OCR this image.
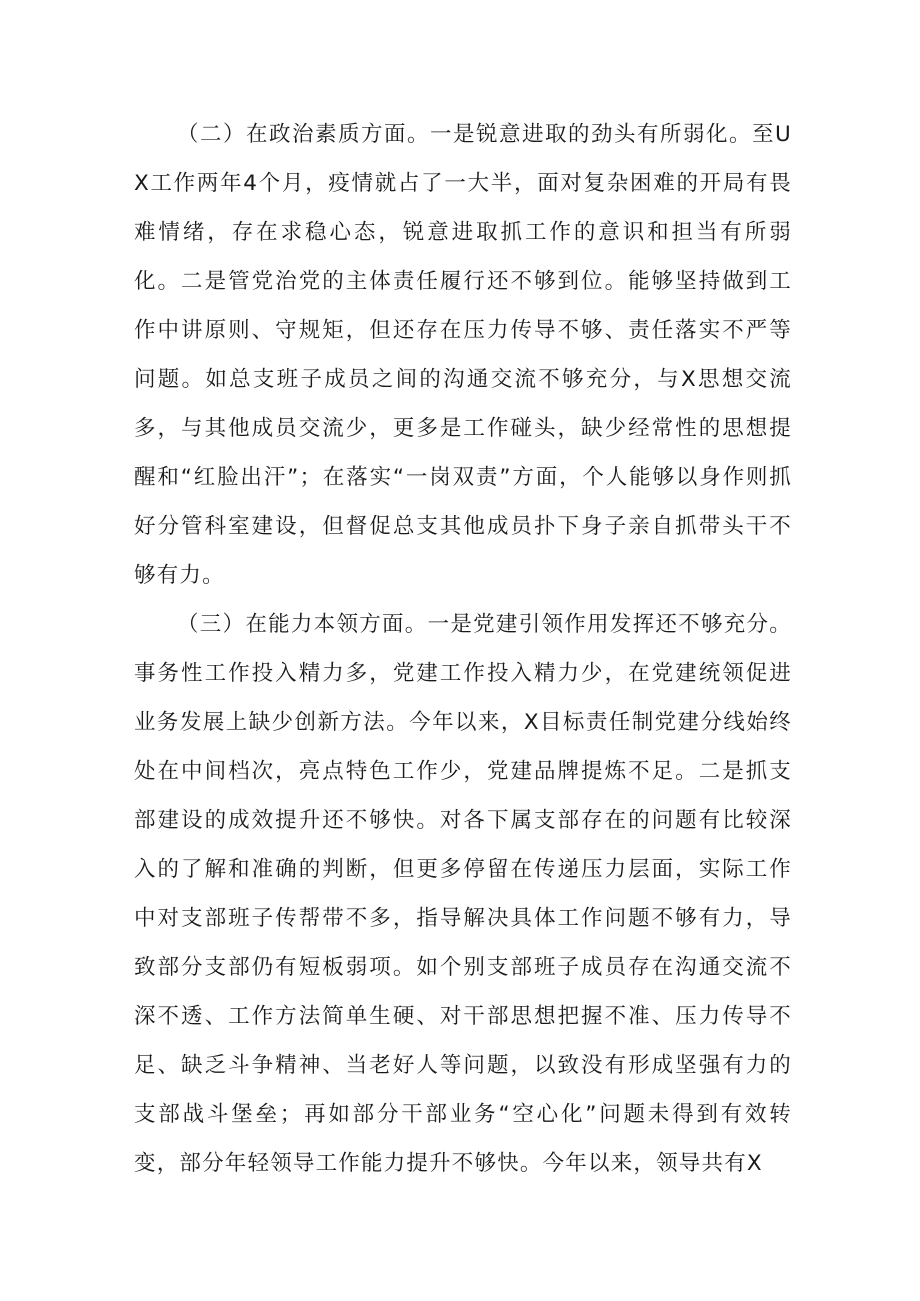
（二）在政治素质方面。一是锐意进取的劲头有所弱化。至UX工作两年4个月，疫情就占了一大半，面对复杂困难的开局有畏难情绪，存在求稳心态，锐意进取抓工作的意识和担当有所弱化。二是管党治党的主体责任履行还不够到位。能够坚持做到工作中讲原则、守规矩，但还存在压力传导不够、责任落实不严等问题。如总支班子成员之间的沟通交流不够充分，与X思想交流多，与其他成员交流少，更多是工作碰头，缺少经常性的思想提醒和“红脸出汗”；在落实“一岗双责”方面，个人能够以身作则抓好分管科室建设，但督促总支其他成员扑下身子亲自抓带头干不够有力。

（三）在能力本领方面。一是党建引领作用发挥还不够充分。事务性工作投入精力多，党建工作投入精力少，在党建统领促进业务发展上缺少创新方法。今年以来，X目标责任制党建分线始终处在中间档次，亮点特色工作少，党建品牌提炼不足。二是抓支部建设的成效提升还不够快。对各下属支部存在的问题有比较深入的了解和准确的判断，但更多停留在传递压力层面，实际工作中对支部班子传帮带不多，指导解决具体工作问题不够有力，导致部分支部仍有短板弱项。如个别支部班子成员存在沟通交流不深不透、工作方法简单生硬、对干部思想把握不准、压力传导不足、缺乏斗争精神、当老好人等问题，以致没有形成坚强有力的支部战斗堡垒；再如部分干部业务“空心化”问题未得到有效转变，部分年轻领导工作能力提升不够快。今年以来，领导共有X
